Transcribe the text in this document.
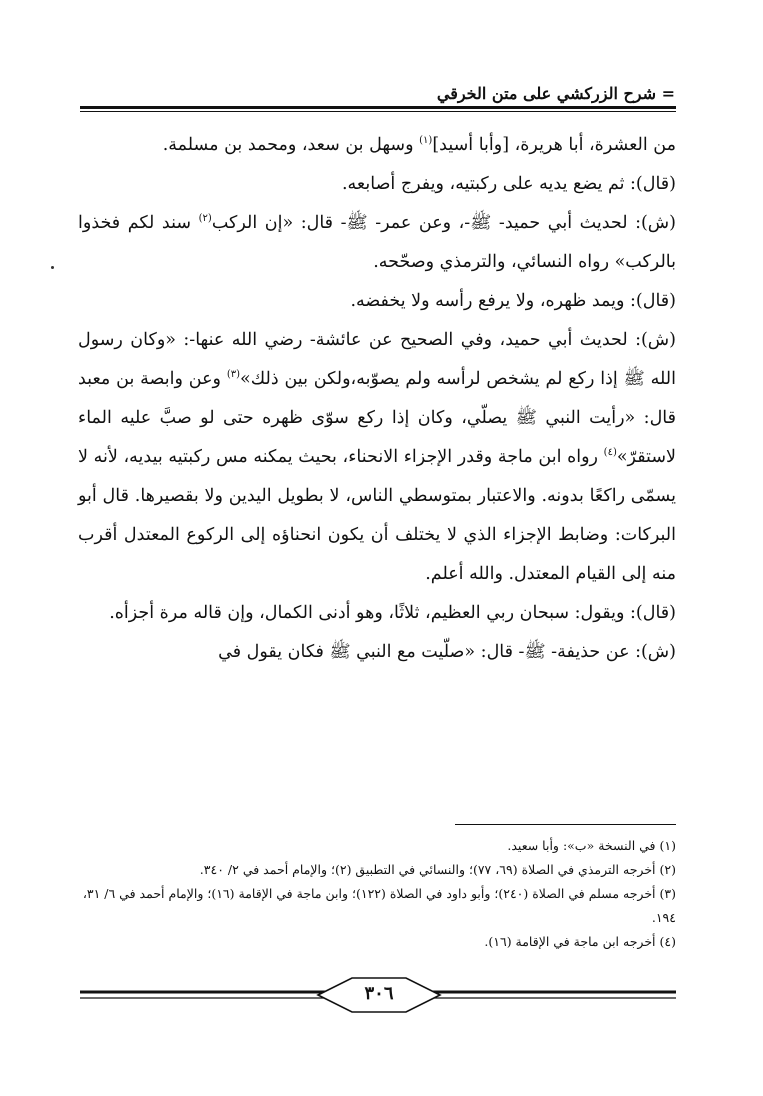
= شرح الزركشي على متن الخرقي

من العشرة، أبا هريرة، [وأبا أسيد]$^{(١)}$ وسهل بن سعد، ومحمد بن مسلمة.

(قال): ثم يضع يديه على ركبتيه، ويفرج أصابعه.

(ش): لحديث أبي حميد- ﷺ-، وعن عمر- ﷺ- قال: «إن الركب$^{(٢)}$ سند لكم فخذوا بالركب» رواه النسائي، والترمذي وصحّحه.

(قال): ويمد ظهره، ولا يرفع رأسه ولا يخفضه.

(ش): لحديث أبي حميد، وفي الصحيح عن عائشة- رضي الله عنها-: «وكان رسول الله ﷺ إذا ركع لم يشخص لرأسه ولم يصوّبه،ولكن بين ذلك»$^{(٣)}$ وعن وابصة بن معبد قال: «رأيت النبي ﷺ يصلّي، وكان إذا ركع سوّى ظهره حتى لو صبَّ عليه الماء لاستقرّ»$^{(٤)}$ رواه ابن ماجة وقدر الإجزاء الانحناء، بحيث يمكنه مس ركبتيه بيديه، لأنه لا يسمّى راكعًا بدونه. والاعتبار بمتوسطي الناس، لا بطويل اليدين ولا بقصيرها. قال أبو البركات: وضابط الإجزاء الذي لا يختلف أن يكون انحناؤه إلى الركوع المعتدل أقرب منه إلى القيام المعتدل. والله أعلم.

(قال): ويقول: سبحان ربي العظيم، ثلاثًا، وهو أدنى الكمال، وإن قاله مرة أجزأه.

(ش): عن حذيفة- ﷺ- قال: «صلّيت مع النبي ﷺ فكان يقول في

(١) في النسخة «ب»: وأبا سعيد.

(٢) أخرجه الترمذي في الصلاة (٦٩، ٧٧)؛ والنسائي في التطبيق (٢)؛ والإمام أحمد في ٢/ ٣٤٠.

(٣) أخرجه مسلم في الصلاة (٢٤٠)؛ وأبو داود في الصلاة (١٢٢)؛ وابن ماجة في الإقامة (١٦)؛ والإمام أحمد في ٦/ ٣١، ١٩٤.

(٤) أخرجه ابن ماجة في الإقامة (١٦).

٣٠٦
